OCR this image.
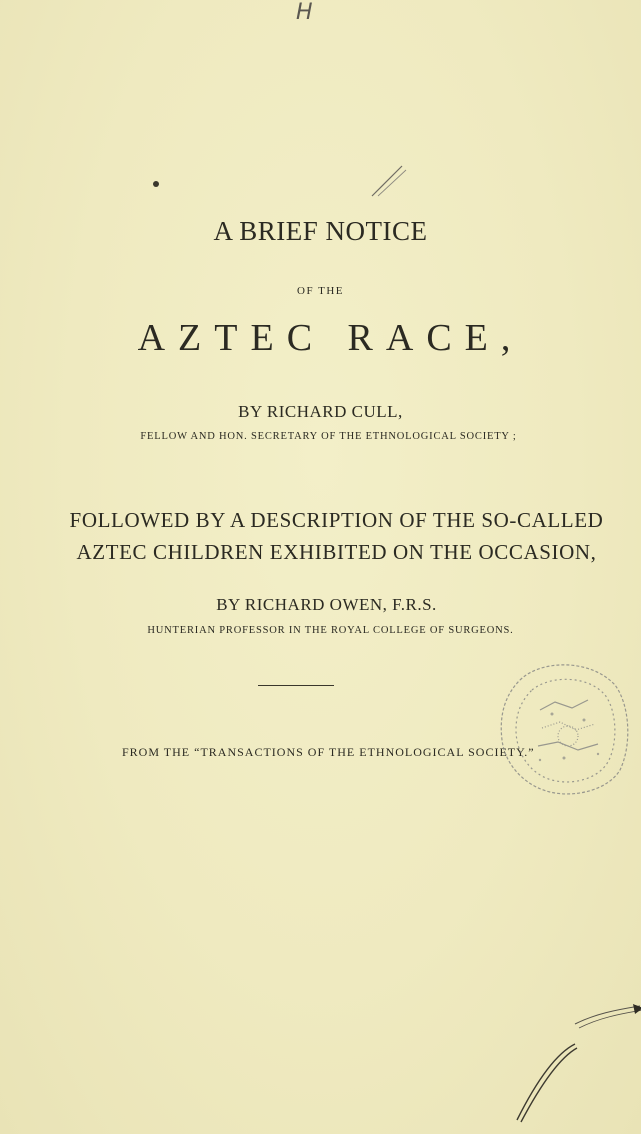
H
A BRIEF NOTICE
OF THE
AZTEC RACE,
BY RICHARD CULL,
FELLOW AND HON. SECRETARY OF THE ETHNOLOGICAL SOCIETY ;
FOLLOWED BY A DESCRIPTION OF THE SO-CALLED
AZTEC CHILDREN EXHIBITED ON THE OCCASION,
BY RICHARD OWEN, F.R.S.
HUNTERIAN PROFESSOR IN THE ROYAL COLLEGE OF SURGEONS.
FROM THE “TRANSACTIONS OF THE ETHNOLOGICAL SOCIETY.”
